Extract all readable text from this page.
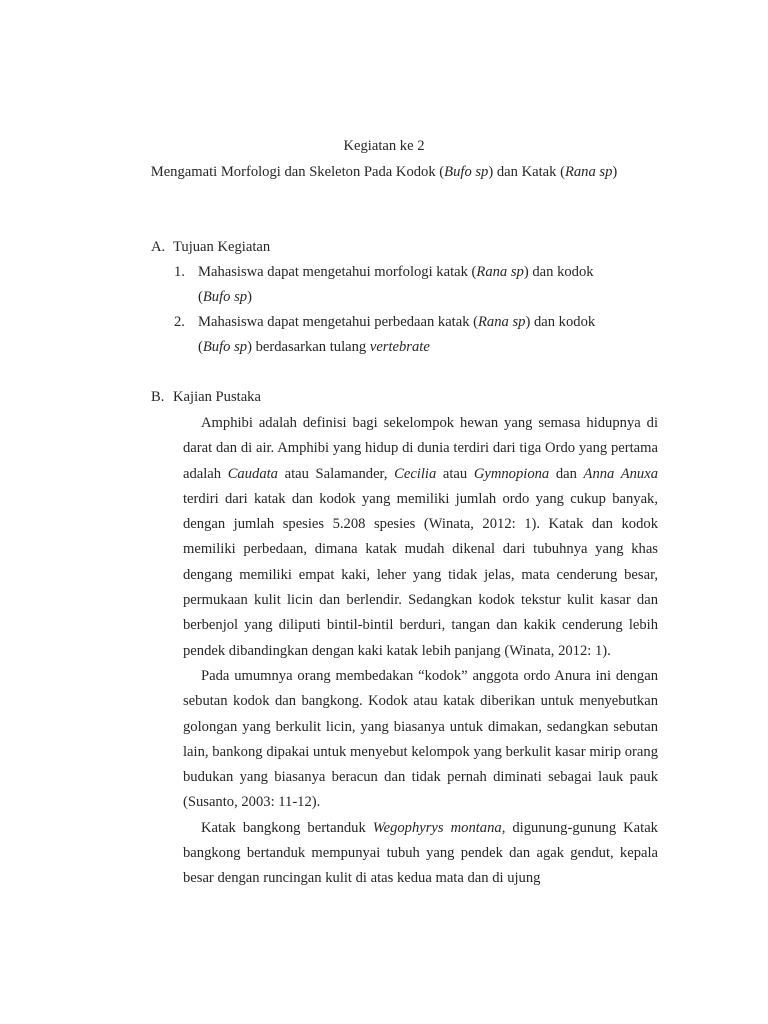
Kegiatan ke 2
Mengamati Morfologi dan Skeleton Pada Kodok (Bufo sp) dan Katak (Rana sp)
A. Tujuan Kegiatan
1. Mahasiswa dapat mengetahui morfologi katak (Rana sp) dan kodok (Bufo sp)
2. Mahasiswa dapat mengetahui perbedaan katak (Rana sp) dan kodok (Bufo sp) berdasarkan tulang vertebrate
B. Kajian Pustaka

Amphibi adalah definisi bagi sekelompok hewan yang semasa hidupnya di darat dan di air. Amphibi yang hidup di dunia terdiri dari tiga Ordo yang pertama adalah Caudata atau Salamander, Cecilia atau Gymnopiona dan Anna Anuxa terdiri dari katak dan kodok yang memiliki jumlah ordo yang cukup banyak, dengan jumlah spesies 5.208 spesies (Winata, 2012: 1). Katak dan kodok memiliki perbedaan, dimana katak mudah dikenal dari tubuhnya yang khas dengang memiliki empat kaki, leher yang tidak jelas, mata cenderung besar, permukaan kulit licin dan berlendir. Sedangkan kodok tekstur kulit kasar dan berbenjol yang diliputi bintil-bintil berduri, tangan dan kakik cenderung lebih pendek dibandingkan dengan kaki katak lebih panjang (Winata, 2012: 1).

Pada umumnya orang membedakan “kodok” anggota ordo Anura ini dengan sebutan kodok dan bangkong. Kodok atau katak diberikan untuk menyebutkan golongan yang berkulit licin, yang biasanya untuk dimakan, sedangkan sebutan lain, bankong dipakai untuk menyebut kelompok yang berkulit kasar mirip orang budukan yang biasanya beracun dan tidak pernah diminati sebagai lauk pauk (Susanto, 2003: 11-12).

Katak bangkong bertanduk Wegophyrys montana, digunung-gunung Katak bangkong bertanduk mempunyai tubuh yang pendek dan agak gendut, kepala besar dengan runcingan kulit di atas kedua mata dan di ujung
